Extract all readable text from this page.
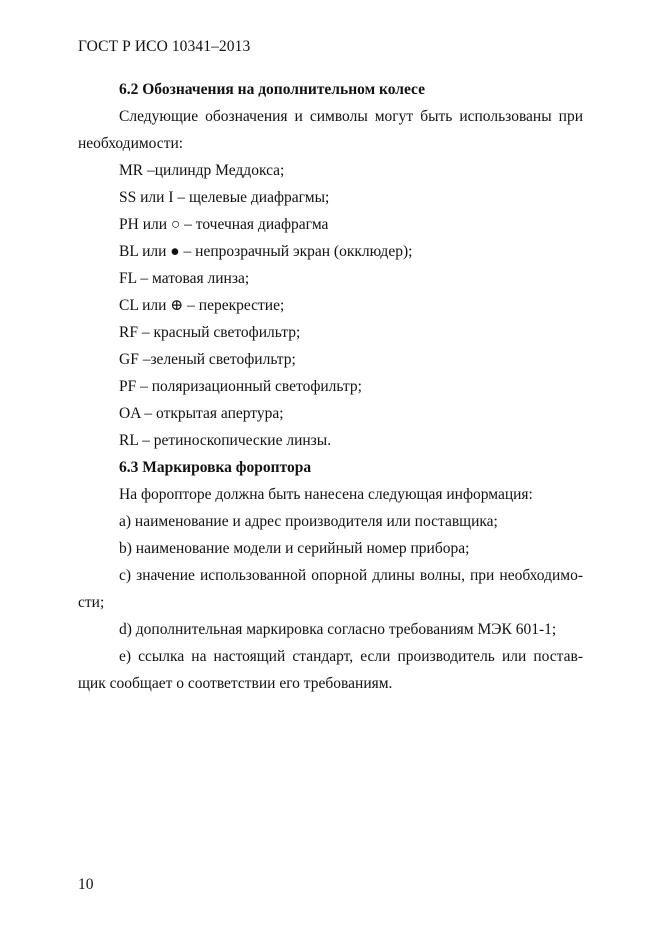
ГОСТ Р ИСО 10341–2013

6.2 Обозначения на дополнительном колесе

Следующие обозначения и символы могут быть использованы при необходимости:

MR –цилиндр Меддокса;

SS или I – щелевые диафрагмы;

PH или ○ – точечная диафрагма

BL или ● – непрозрачный экран (окклюдер);

FL – матовая линза;

CL или ⊕ – перекрестие;

RF – красный светофильтр;

GF –зеленый светофильтр;

PF – поляризационный светофильтр;

OA – открытая апертура;

RL – ретиноскопические линзы.

6.3 Маркировка фороптора

На форопторе должна быть нанесена следующая информация:

a) наименование и адрес производителя или поставщика;

b) наименование модели и серийный номер прибора;

c) значение использованной опорной длины волны, при необходимо-сти;

d) дополнительная маркировка согласно требованиям МЭК 601-1;

e) ссылка на настоящий стандарт, если производитель или постав-щик сообщает о соответствии его требованиям.

10
